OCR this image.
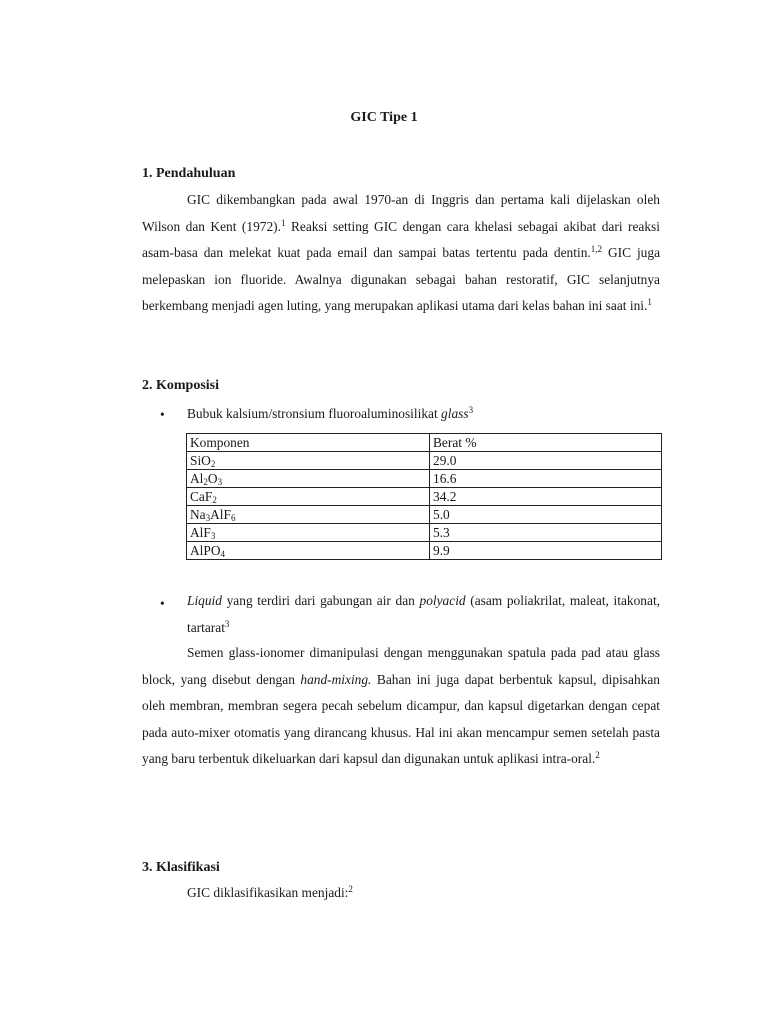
GIC Tipe 1
1. Pendahuluan

GIC dikembangkan pada awal 1970-an di Inggris dan pertama kali dijelaskan oleh Wilson dan Kent (1972).$^1$ Reaksi setting GIC dengan cara khelasi sebagai akibat dari reaksi asam-basa dan melekat kuat pada email dan sampai batas tertentu pada dentin.$^{1,2}$ GIC juga melepaskan ion fluoride. Awalnya digunakan sebagai bahan restoratif, GIC selanjutnya berkembang menjadi agen luting, yang merupakan aplikasi utama dari kelas bahan ini saat ini.$^1$

2. Komposisi
• Bubuk kalsium/stronsium fluoroaluminosilikat glass$^3$
Komponen	Berat %
SiO$_2$	29.0
$Al_2O_3$	16.6
CaF$_2$	34.2
$Na_3AlF_6$	5.0
AlF$_3$	5.3
AlPO$_4$	9.9
• Liquid yang terdiri dari gabungan air dan polyacid (asam poliakrilat, maleat, itakonat, tartarat$^3$

Semen glass-ionomer dimanipulasi dengan menggunakan spatula pada pad atau glass block, yang disebut dengan hand-mixing. Bahan ini juga dapat berbentuk kapsul, dipisahkan oleh membran, membran segera pecah sebelum dicampur, dan kapsul digetarkan dengan cepat pada auto-mixer otomatis yang dirancang khusus. Hal ini akan mencampur semen setelah pasta yang baru terbentuk dikeluarkan dari kapsul dan digunakan untuk aplikasi intra-oral.$^2$

3. Klasifikasi
GIC diklasifikasikan menjadi:$^2$
